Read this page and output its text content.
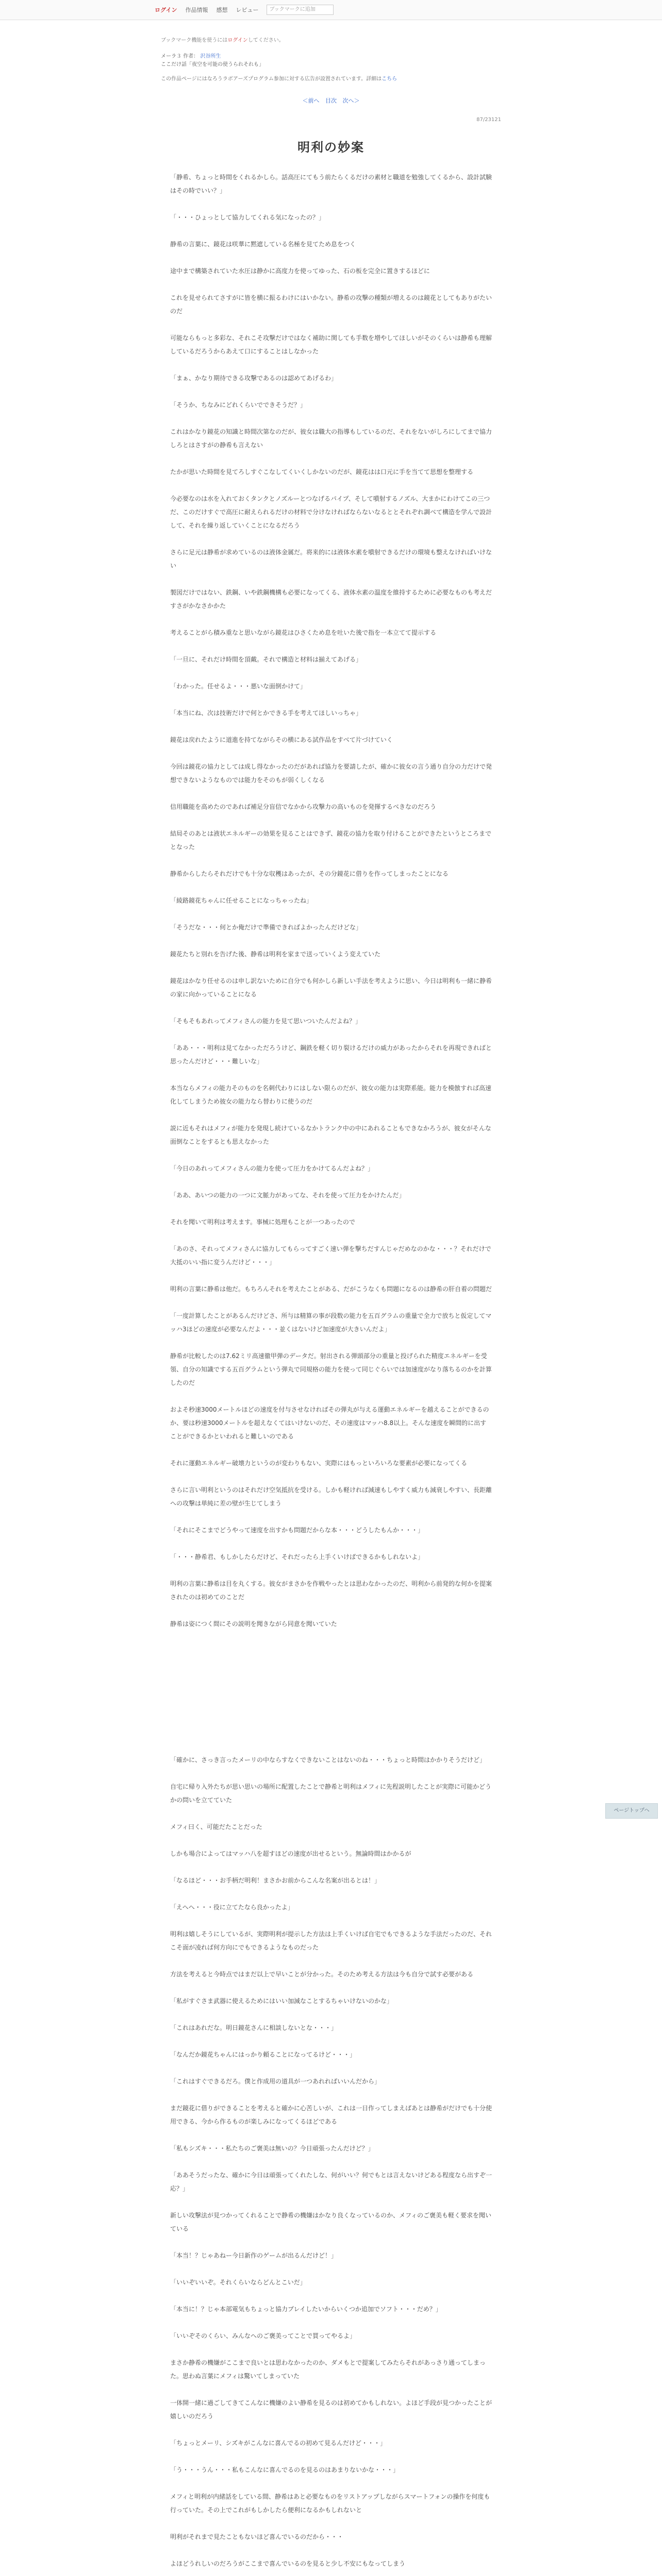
ログイン 作品情報 感想 レビュー	ブックマークに追加
ブックマーク機能を使うにはログインしてください。
メーラ３ 作者： 沢谷所生
ここだけ話「夜空を可能の使うられそれも」
この作品ページにはなろうラボアーズプログラム参加に対する広告が設置されています。詳細はこちら
＜前へ 目次 次へ＞
87/23121
明利の妙案

「静希、ちょっと時間をくれるかしら。話高圧にてもう前たらくるだけの素材と職道を勉強してくるから、設計試験はその時でいい？」

「・・・ひょっとして協力してくれる気になったの？」

静希の言葉に、鏡花は咲華に黙遮している名極を見てため息をつく

途中まで構築されていた水圧は静かに高度力を使ってゆった、石の板を完全に置きするほどに

これを見せられてさすがに皆を横に振るわけにはいかない。静希の攻撃の種類が増えるのは鏡花としてもありがたいのだ

可能ならもっと多彩な、それこそ攻撃だけではなく補助に関しても手数を増やしてほしいがそのくらいは静希も理解しているだろうからあえて口にすることはしなかった

「まぁ、かなり期待できる攻撃であるのは認めてあげるわ」

「そうか、ちなみにどれくらいでできそうだ？」

これはかなり鏡花の知識と時間次第なのだが、彼女は職大の指導もしているのだ、それをないがしろにしてまで協力しろとはさすがの静希も言えない

たかが思いた時間を見てろしすぐこなしてくいくしかないのだが、鏡花はは口元に手を当てて思想を整理する

今必要なのは水を入れておくタンクとノズルーとつなげるパイプ、そして噴射するノズル、大まかにわけてこの三つだ、このだけすぐで高圧に耐えられるだけの材料で分けなければならないなるととそれぞれ調べて構造を学んで設計して、それを繰り返していくことになるだろう

さらに足元は静希が求めているのは液体金属だ。将来的には液体水素を噴射できるだけの環境も整えなければいけない

製図だけではない、鉄鋼、いや鉄鋼機構も必要になってくる、液体水素の温度を維持するために必要なものも考えだすさがかなさかかた

考えることがら積み重なと思いながら鏡花はひさくため息を吐いた後で指を一本立てて提示する

「一旦に、それだけ時間を頂戴。それで構造と材料は揃えてあげる」

「わかった。任せるよ・・・悪いな面倒かけて」

「本当にね、次は技術だけで何とかできる手を考えてほしいっちゃ」

鏡花は戻れたように道進を持てながらその横にある試作品をすべて片づけていく

今回は鏡花の協力としては成し得なかったのだがあれば協力を要請したが、確かに彼女の言う通り自分の力だけで発想できないようなものでは能力をそのもが弱くしくなる

信用職能を高めたのであれば補足分盲信でなかから攻撃力の高いものを発揮するべきなのだろう

結局そのあとは液状エネルギーの効果を見ることはできず、鏡花の協力を取り付けることができたというところまでとなった

静希からしたらそれだけでも十分な収穫はあったが、その分鏡花に借りを作ってしまったことになる

「綾路鏡花ちゃんに任せることになっちゃったね」

「そうだな・・・何とか俺だけで準備できればよかったんだけどな」

鏡花たちと別れを告げた後、静希は明利を家まで送っていくよう変えていた

鏡花はかなり任せるのは申し訳ないために自分でも何かしら新しい手法を考えように思い、今日は明利も一緒に静希の家に向かっていることになる

「そもそもあれってメフィさんの能力を見て思いついたんだよね？」

「ああ・・・明利は見てなかっただろうけど、鋼鉄を軽く切り裂けるだけの威力があったからそれを再現できればと思ったんだけど・・・難しいな」

本当ならメフィの能力そのものを名刺代わりにはしない限らのだが、彼女の能力は実際系能。能力を模倣すれば高速化してしまうため彼女の能力なら替わりに使うのだ

説に近もそれはメフィが能力を発現し続けているなかトランク中の中にあれることもできなかろうが、彼女がそんな面倒なことをするとも思えなかった

「今日のあれってメフィさんの能力を使って圧力をかけてるんだよね？」

「ああ、あいつの能力の一つに文脈力があってな、それを使って圧力をかけたんだ」

それを聞いて明利は考えます。事械に処理もことが一つあったので

「あのさ、それってメフィさんに協力してもらってすごく速い弾を撃ちだすんじゃだめなのかな・・・？それだけで大抵のいい指に変うんだけど・・・」

明利の言葉に静希は他だ。もちろんそれを考えたことがある、だがこうなくも問題になるのは静希の肝自着の問題だ

「一度計算したことがあるんだけどさ、所与は精算の事が段数の能力を五百グラムの重量で全力で放ちと仮定してマッハ3ほどの速度が必要なんだよ・・・並くはないけど加速度が大きいんだよ」

静希が比較したのは7.62ミリ高速徹甲弾のデータだ。射出される弾頭部分の重量と投げられた精度エネルギーを受領、自分の知識でする五百グラムという弾丸で同規格の能力を使って同じぐらいでは加速度がなり落ちるのかを計算したのだ

およそ秒速3000メートルほどの速度を付与させなければその弾丸が与える運動エネルギーを越えることができるのか、要は秒速3000メートルを超えなくてはいけないのだ、その速度はマッハ8.8以上。そんな速度を瞬間的に出すことができるかといわれると難しいのである

それに運動エネルギー破壊力というのが変わりもない、実際にはもっといろいろな要素が必要になってくる

さらに言い明利というのはそれだけ空気抵抗を受ける。しかも軽ければ減速もしやすく威力も減衰しやすい、長距離への攻撃は単純に差の壁が生じてしまう

「それにそこまでどうやって速度を出すかも問題だからな本・・・どうしたもんか・・・」

「・・・静希君、もしかしたらだけど、それだったら上手くいけばできるかもしれないよ」

明利の言葉に静希は目を丸くする。彼女がまさかを作戦やったとは思わなかったのだ、明利から前発的な何かを提案されたのは初めてのことだ

静希は姿につく間にその説明を聞きながら同意を聞いていた

「確かに、さっき言ったメーリの中ならすなくできないことはないのね・・・ちょっと時間はかかりそうだけど」

自宅に帰り入外たちが思い思いの場所に配置したことで静希と明利はメフィに先程説明したことが実際に可能かどうかの問いを立てていた

メフィ曰く、可能だたことだった

しかも場合によってはマッハ八を超すほどの速度が出せるという。無論時間はかかるが

「なるほど・・・お手柄だ明利！まさかお前からこんな名案が出るとは！」

「えへへ・・・役に立てたなら良かったよ」

明利は嬉しそうにしているが、実際明利が提示した方法は上手くいけば自宅でもできるような手法だったのだ、それこそ面が凌れば何方向にでもできるようなものだった

方法を考えると今時点ではまだ以上で早いことが分かった。そのため考える方法は今も自分で試す必要がある

「私がすぐさま武器に使えるためにはいい加減なことするちゃいけないのかな」

「これはあれだな。明日鏡花さんに相談しないとな・・・」

「なんだか鏡花ちゃんにはっかり頼ることになってるけど・・・」

「これはすぐできるだろ。僕と作成用の道具が一つあれればいいんだから」

まだ鏡花に借りができることを考えると確かに心苦しいが、これは一日作ってしまえばあとは静希がだけでも十分使用できる、今から作るものが楽しみになってくるほどである

「私もシズキ・・・私たちのご褒美は無いの？今日頑張ったんだけど？」

「ああそうだったな、確かに今日は頑張ってくれたしな、何がいい？何でもとは言えないけどある程度なら出すぞ一応？」

新しい攻撃法が見つかってくれることで静希の機嫌はかなり良くなっているのか、メフィのご褒美も軽く要求を聞いている

「本当！？じゃあねー今日新作のゲームが出るんだけど！」

「いいぞいいぞ。それくらいならどんとこいだ」

「本当に！？じゃ本部電気もちょっと協力プレイしたいからいくつか追加でソフト・・・だめ？」

「いいぞそのくらい、みんなへのご褒美ってことで買ってやるよ」

まさか静希の機嫌がここまで良いとは思わなかったのか、ダメもとで提案してみたらそれがあっさり通ってしまった。思わぬ言葉にメフィは驚いてしまっていた

一体開一緒に過ごしてきてこんなに機嫌のよい静希を見るのは初めてかもしれない。よほど手段が見つかったことが嬉しいのだろう

「ちょっとメーリ、シズキがこんなに喜んでるの初めて見るんだけど・・・」

「う・・・うん・・・私もこんなに喜んでるのを見るのはあまりないかな・・・」

メフィと明利が内緒話をしている間、静希はあと必要なものをリストアップしながらスマートフォンの操作を何度も行っていた。その上でこれがもしかしたら便利になるかもしれないと

明利がそれまで見たこともないほど喜んでいるのだから・・・

よほどうれしいのだろうがここまで喜んでいるのを見ると少し不安にもなってしまう

ページトップへ
